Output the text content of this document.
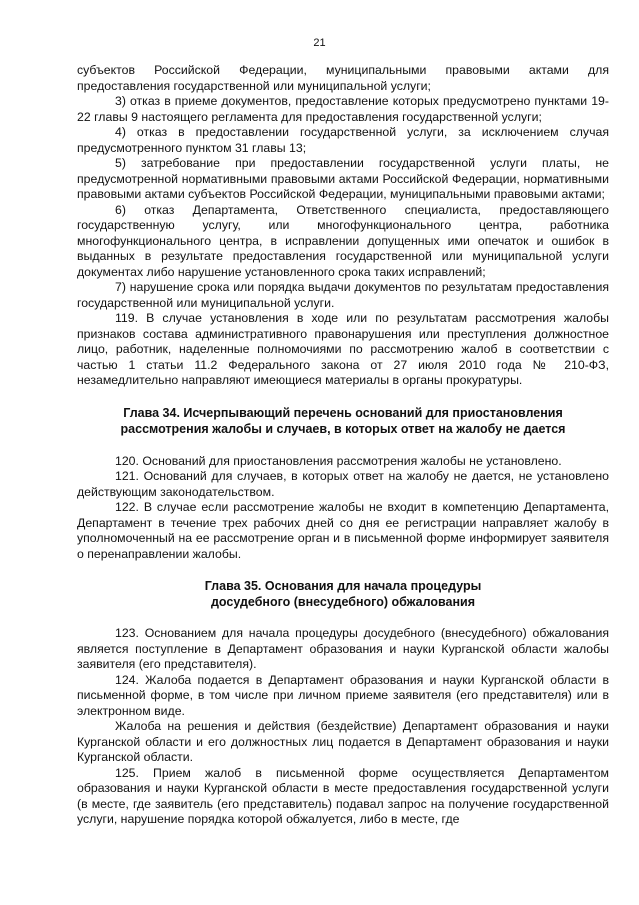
21

субъектов Российской Федерации, муниципальными правовыми актами для предоставления государственной или муниципальной услуги;

3) отказ в приеме документов, предоставление которых предусмотрено пунктами 19-22 главы 9 настоящего регламента для предоставления государственной услуги;

4) отказ в предоставлении государственной услуги, за исключением случая предусмотренного пунктом 31 главы 13;

5) затребование при предоставлении государственной услуги платы, не предусмотренной нормативными правовыми актами Российской Федерации, нормативными правовыми актами субъектов Российской Федерации, муниципальными правовыми актами;

6) отказ Департамента, Ответственного специалиста, предоставляющего государственную услугу, или многофункционального центра, работника многофункционального центра, в исправлении допущенных ими опечаток и ошибок в выданных в результате предоставления государственной или муниципальной услуги документах либо нарушение установленного срока таких исправлений;

7) нарушение срока или порядка выдачи документов по результатам предоставления государственной или муниципальной услуги.

119. В случае установления в ходе или по результатам рассмотрения жалобы признаков состава административного правонарушения или преступления должностное лицо, работник, наделенные полномочиями по рассмотрению жалоб в соответствии с частью 1 статьи 11.2 Федерального закона от 27 июля 2010 года № 210-ФЗ, незамедлительно направляют имеющиеся материалы в органы прокуратуры.

Глава 34. Исчерпывающий перечень оснований для приостановления
рассмотрения жалобы и случаев, в которых ответ на жалобу не дается

120. Оснований для приостановления рассмотрения жалобы не установлено.

121. Оснований для случаев, в которых ответ на жалобу не дается, не установлено действующим законодательством.

122. В случае если рассмотрение жалобы не входит в компетенцию Департамента, Департамент в течение трех рабочих дней со дня ее регистрации направляет жалобу в уполномоченный на ее рассмотрение орган и в письменной форме информирует заявителя о перенаправлении жалобы.

Глава 35. Основания для начала процедуры
досудебного (внесудебного) обжалования

123. Основанием для начала процедуры досудебного (внесудебного) обжалования является поступление в Департамент образования и науки Курганской области жалобы заявителя (его представителя).

124. Жалоба подается в Департамент образования и науки Курганской области в письменной форме, в том числе при личном приеме заявителя (его представителя) или в электронном виде.

Жалоба на решения и действия (бездействие) Департамент образования и науки Курганской области и его должностных лиц подается в Департамент образования и науки Курганской области.

125. Прием жалоб в письменной форме осуществляется Департаментом образования и науки Курганской области в месте предоставления государственной услуги (в месте, где заявитель (его представитель) подавал запрос на получение государственной услуги, нарушение порядка которой обжалуется, либо в месте, где
